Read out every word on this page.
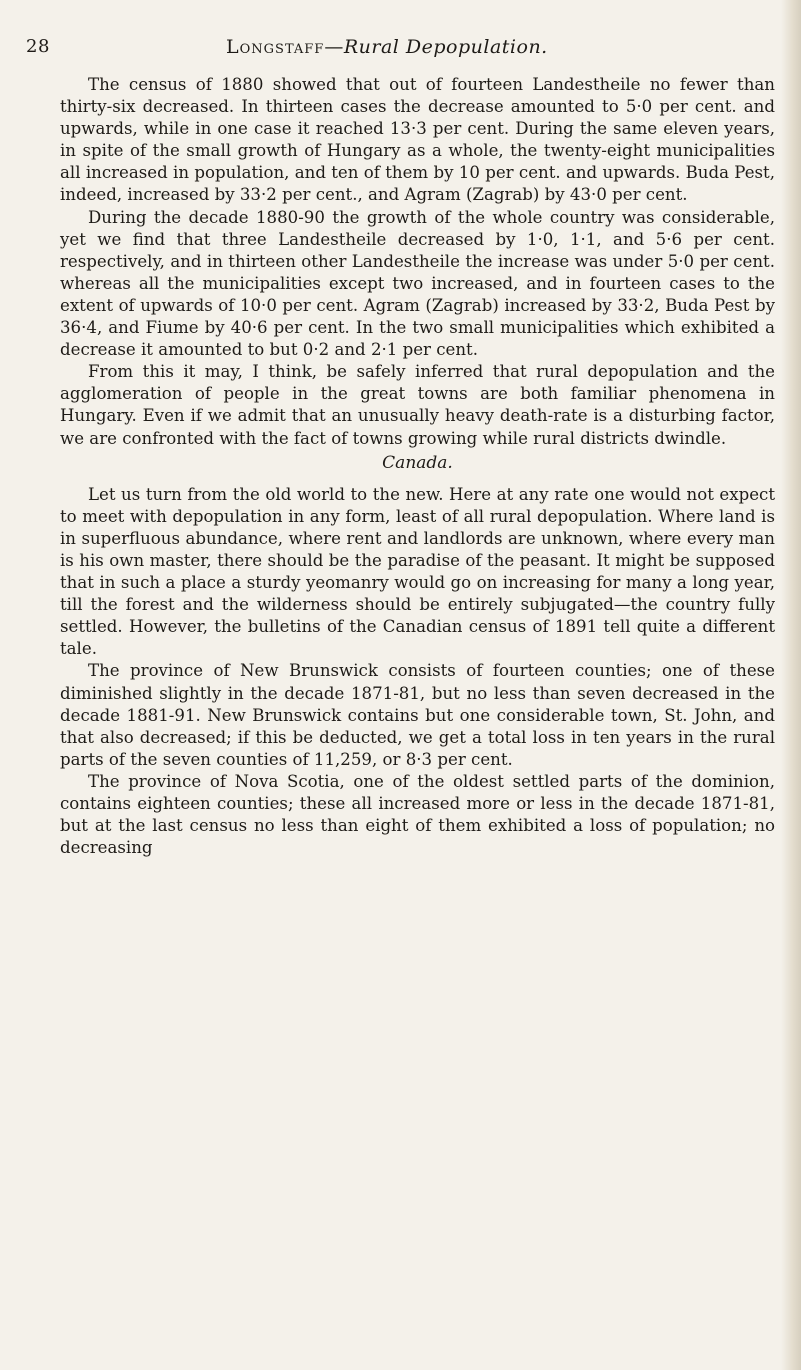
28	Longstaff—Rural Depopulation.

The census of 1880 showed that out of fourteen Landestheile no fewer than thirty-six decreased. In thirteen cases the decrease amounted to 5·0 per cent. and upwards, while in one case it reached 13·3 per cent. During the same eleven years, in spite of the small growth of Hungary as a whole, the twenty-eight municipalities all increased in population, and ten of them by 10 per cent. and upwards. Buda Pest, indeed, increased by 33·2 per cent., and Agram (Zagrab) by 43·0 per cent.

During the decade 1880-90 the growth of the whole country was considerable, yet we find that three Landestheile decreased by 1·0, 1·1, and 5·6 per cent. respectively, and in thirteen other Landestheile the increase was under 5·0 per cent. whereas all the municipalities except two increased, and in fourteen cases to the extent of upwards of 10·0 per cent. Agram (Zagrab) increased by 33·2, Buda Pest by 36·4, and Fiume by 40·6 per cent. In the two small municipalities which exhibited a decrease it amounted to but 0·2 and 2·1 per cent.

From this it may, I think, be safely inferred that rural depopulation and the agglomeration of people in the great towns are both familiar phenomena in Hungary. Even if we admit that an unusually heavy death-rate is a disturbing factor, we are confronted with the fact of towns growing while rural districts dwindle.

Canada.

Let us turn from the old world to the new. Here at any rate one would not expect to meet with depopulation in any form, least of all rural depopulation. Where land is in superfluous abundance, where rent and landlords are unknown, where every man is his own master, there should be the paradise of the peasant. It might be supposed that in such a place a sturdy yeomanry would go on increasing for many a long year, till the forest and the wilderness should be entirely subjugated—the country fully settled. However, the bulletins of the Canadian census of 1891 tell quite a different tale.

The province of New Brunswick consists of fourteen counties; one of these diminished slightly in the decade 1871-81, but no less than seven decreased in the decade 1881-91. New Brunswick contains but one considerable town, St. John, and that also decreased; if this be deducted, we get a total loss in ten years in the rural parts of the seven counties of 11,259, or 8·3 per cent.

The province of Nova Scotia, one of the oldest settled parts of the dominion, contains eighteen counties; these all increased more or less in the decade 1871-81, but at the last census no less than eight of them exhibited a loss of population; no decreasing
